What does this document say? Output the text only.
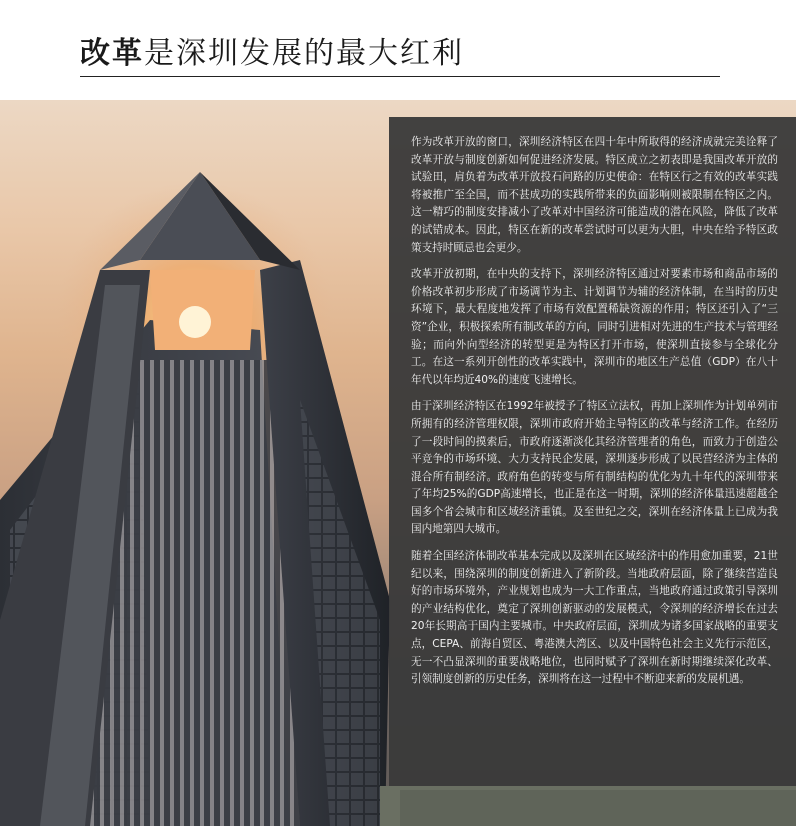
改革是深圳发展的最大红利

作为改革开放的窗口，深圳经济特区在四十年中所取得的经济成就完美诠释了改革开放与制度创新如何促进经济发展。特区成立之初表即是我国改革开放的试验田，肩负着为改革开放投石问路的历史使命：在特区行之有效的改革实践将被推广至全国，而不甚成功的实践所带来的负面影响则被限制在特区之内。这一精巧的制度安排减小了改革对中国经济可能造成的潜在风险，降低了改革的试错成本。因此，特区在新的改革尝试时可以更为大胆，中央在给予特区政策支持时顾忌也会更少。

改革开放初期，在中央的支持下，深圳经济特区通过对要素市场和商品市场的价格改革初步形成了市场调节为主、计划调节为辅的经济体制，在当时的历史环境下，最大程度地发挥了市场有效配置稀缺资源的作用；特区还引入了“三资”企业，积极探索所有制改革的方向，同时引进相对先进的生产技术与管理经验；而向外向型经济的转型更是为特区打开市场，使深圳直接参与全球化分工。在这一系列开创性的改革实践中，深圳市的地区生产总值（GDP）在八十年代以年均近40%的速度飞速增长。

由于深圳经济特区在1992年被授予了特区立法权，再加上深圳作为计划单列市所拥有的经济管理权限，深圳市政府开始主导特区的改革与经济工作。在经历了一段时间的摸索后，市政府逐渐淡化其经济管理者的角色，而致力于创造公平竞争的市场环境、大力支持民企发展，深圳逐步形成了以民营经济为主体的混合所有制经济。政府角色的转变与所有制结构的优化为九十年代的深圳带来了年均25%的GDP高速增长，也正是在这一时期，深圳的经济体量迅速超越全国多个省会城市和区域经济重镇。及至世纪之交，深圳在经济体量上已成为我国内地第四大城市。

随着全国经济体制改革基本完成以及深圳在区域经济中的作用愈加重要，21世纪以来，围绕深圳的制度创新进入了新阶段。当地政府层面，除了继续营造良好的市场环境外，产业规划也成为一大工作重点，当地政府通过政策引导深圳的产业结构优化，奠定了深圳创新驱动的发展模式，令深圳的经济增长在过去20年长期高于国内主要城市。中央政府层面，深圳成为诸多国家战略的重要支点，CEPA、前海自贸区、粤港澳大湾区、以及中国特色社会主义先行示范区，无一不凸显深圳的重要战略地位，也同时赋予了深圳在新时期继续深化改革、引领制度创新的历史任务，深圳将在这一过程中不断迎来新的发展机遇。
